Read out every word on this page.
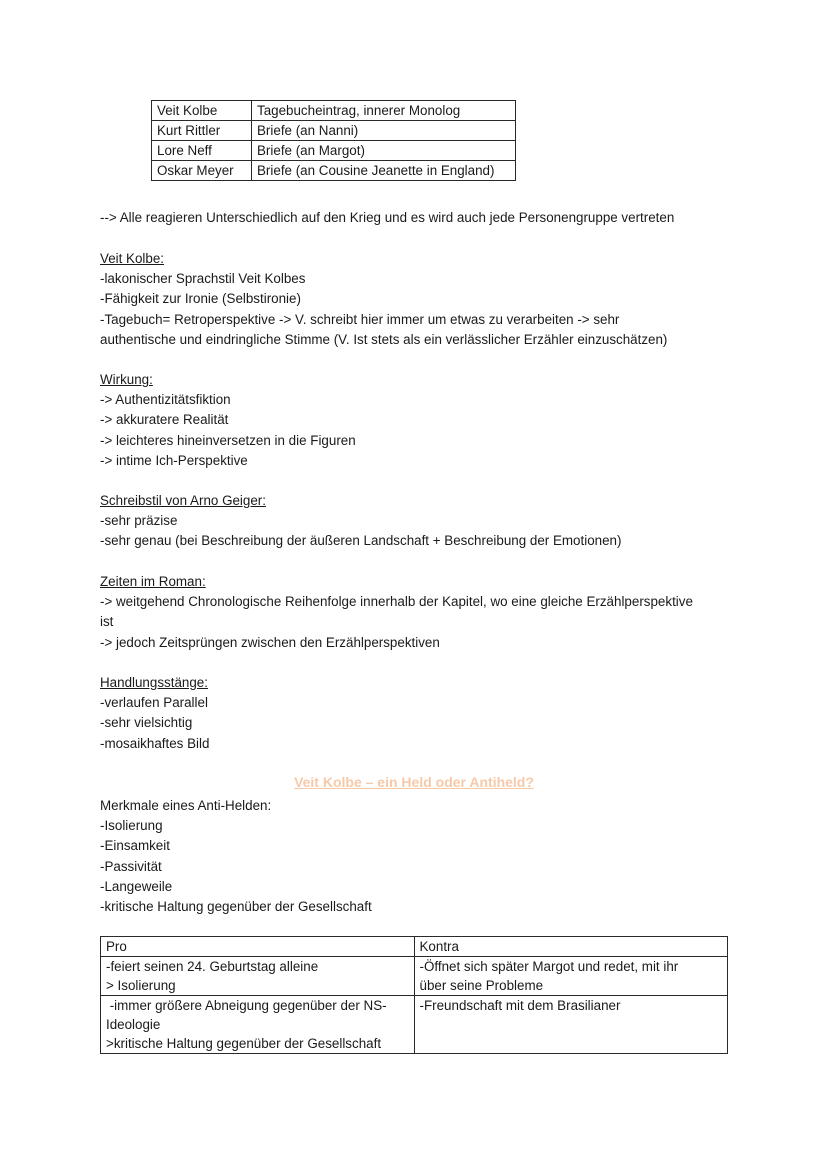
Veit Kolbe	Tagebucheintrag, innerer Monolog
Kurt Rittler	Briefe (an Nanni)
Lore Neff	Briefe (an Margot)
Oskar Meyer	Briefe (an Cousine Jeanette in England)
--> Alle reagieren Unterschiedlich auf den Krieg und es wird auch jede Personengruppe vertreten
Veit Kolbe:
-lakonischer Sprachstil Veit Kolbes
-Fähigkeit zur Ironie (Selbstironie)
-Tagebuch= Retroperspektive -> V. schreibt hier immer um etwas zu verarbeiten -> sehr
authentische und eindringliche Stimme (V. Ist stets als ein verlässlicher Erzähler einzuschätzen)
Wirkung:
-> Authentizitätsfiktion
-> akkuratere Realität
-> leichteres hineinversetzen in die Figuren
-> intime Ich-Perspektive
Schreibstil von Arno Geiger:
-sehr präzise
-sehr genau (bei Beschreibung der äußeren Landschaft + Beschreibung der Emotionen)
Zeiten im Roman:
-> weitgehend Chronologische Reihenfolge innerhalb der Kapitel, wo eine gleiche Erzählperspektive
ist
-> jedoch Zeitsprüngen zwischen den Erzählperspektiven
Handlungsstänge:
-verlaufen Parallel
-sehr vielsichtig
-mosaikhaftes Bild
Veit Kolbe – ein Held oder Antiheld?
Merkmale eines Anti-Helden:
-Isolierung
-Einsamkeit
-Passivität
-Langeweile
-kritische Haltung gegenüber der Gesellschaft
Pro	Kontra

-feiert seinen 24. Geburtstag alleine
> Isolierung	-Öffnet sich später Margot und redet, mit ihr
über seine Probleme

-immer größere Abneigung gegenüber der NS-
Ideologie
>kritische Haltung gegenüber der Gesellschaft	-Freundschaft mit dem Brasilianer
